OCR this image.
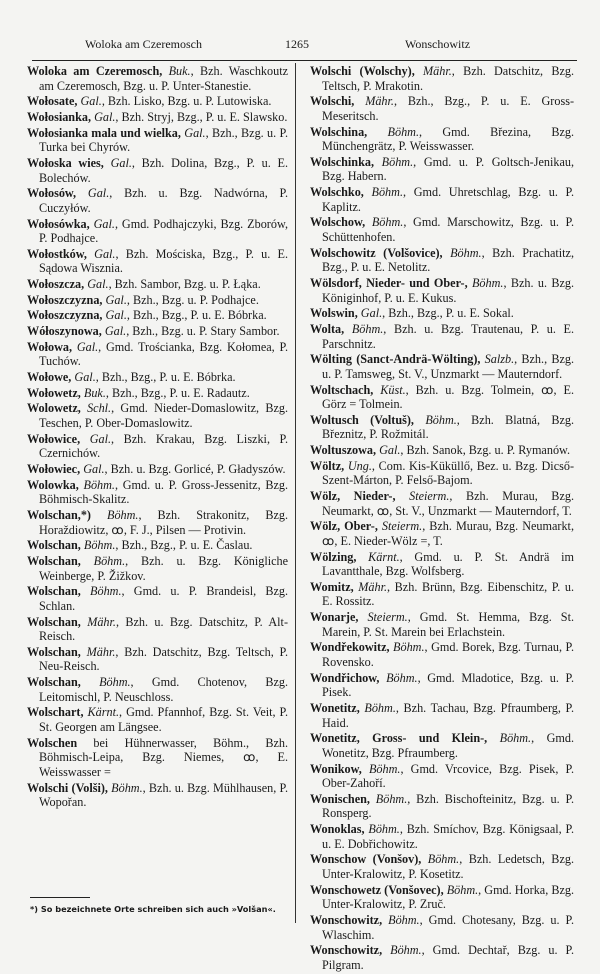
Woloka am Czeremosch	1265	Wonschowitz
Woloka am Czeremosch, Buk., Bzh. Waschkoutz am Czeremosch, Bzg. u. P. Unter-Stanestie.
Wołosate, Gal., Bzh. Lisko, Bzg. u. P. Lutowiska.
Wołosianka, Gal., Bzh. Stryj, Bzg., P. u. E. Slawsko.
Wołosianka mala und wielka, Gal., Bzh., Bzg. u. P. Turka bei Chyrów.
Wołoska wies, Gal., Bzh. Dolina, Bzg., P. u. E. Bolechów.
Wołosów, Gal., Bzh. u. Bzg. Nadwórna, P. Cuczyłów.
Wołosówka, Gal., Gmd. Podhajczyki, Bzg. Zborów, P. Podhajce.
Wołostków, Gal., Bzh. Mościska, Bzg., P. u. E. Sądowa Wisznia.
Wołoszcza, Gal., Bzh. Sambor, Bzg. u. P. Łąka.
Wołoszczyzna, Gal., Bzh., Bzg. u. P. Podhajce.
Wołoszczyzna, Gal., Bzh., Bzg., P. u. E. Bóbrka.
Wółoszynowa, Gal., Bzh., Bzg. u. P. Stary Sambor.
Wołowa, Gal., Gmd. Trościanka, Bzg. Kołomea, P. Tuchów.
Wołowe, Gal., Bzh., Bzg., P. u. E. Bóbrka.
Wołowetz, Buk., Bzh., Bzg., P. u. E. Radautz.
Wolowetz, Schl., Gmd. Nieder-Domaslowitz, Bzg. Teschen, P. Ober-Domaslowitz.
Wołowice, Gal., Bzh. Krakau, Bzg. Liszki, P. Czernichów.
Wołowiec, Gal., Bzh. u. Bzg. Gorlicé, P. Gładyszów.
Wolowka, Böhm., Gmd. u. P. Gross-Jessenitz, Bzg. Böhmisch-Skalitz.
Wolschan,*) Böhm., Bzh. Strakonitz, Bzg. Horaždiowitz, ꝏ, F. J., Pilsen — Protivin.
Wolschan, Böhm., Bzh., Bzg., P. u. E. Časlau.
Wolschan, Böhm., Bzh. u. Bzg. Königliche Weinberge, P. Žižkov.
Wolschan, Böhm., Gmd. u. P. Brandeisl, Bzg. Schlan.
Wolschan, Mähr., Bzh. u. Bzg. Datschitz, P. Alt-Reisch.
Wolschan, Mähr., Bzh. Datschitz, Bzg. Teltsch, P. Neu-Reisch.
Wolschan, Böhm., Gmd. Chotenov, Bzg. Leitomischl, P. Neuschloss.
Wolschart, Kärnt., Gmd. Pfannhof, Bzg. St. Veit, P. St. Georgen am Längsee.
Wolschen bei Hühnerwasser, Böhm., Bzh. Böhmisch-Leipa, Bzg. Niemes, ꝏ, E. Weisswasser =
Wolschi (Volši), Böhm., Bzh. u. Bzg. Mühlhausen, P. Wopořan.
Wolschi (Wolschy), Mähr., Bzh. Datschitz, Bzg. Teltsch, P. Mrakotin.
Wolschi, Mähr., Bzh., Bzg., P. u. E. Gross-Meseritsch.
Wolschina, Böhm., Gmd. Březina, Bzg. Münchengrätz, P. Weisswasser.
Wolschinka, Böhm., Gmd. u. P. Goltsch-Jenikau, Bzg. Habern.
Wolschko, Böhm., Gmd. Uhretschlag, Bzg. u. P. Kaplitz.
Wolschow, Böhm., Gmd. Marschowitz, Bzg. u. P. Schüttenhofen.
Wolschowitz (Volšovice), Böhm., Bzh. Prachatitz, Bzg., P. u. E. Netolitz.
Wölsdorf, Nieder- und Ober-, Böhm., Bzh. u. Bzg. Königinhof, P. u. E. Kukus.
Wolswin, Gal., Bzh., Bzg., P. u. E. Sokal.
Wolta, Böhm., Bzh. u. Bzg. Trautenau, P. u. E. Parschnitz.
Wölting (Sanct-Andrä-Wölting), Salzb., Bzh., Bzg. u. P. Tamsweg, St. V., Unzmarkt — Mauterndorf.
Woltschach, Küst., Bzh. u. Bzg. Tolmein, ꝏ, E. Görz = Tolmein.
Woltusch (Voltuš), Böhm., Bzh. Blatná, Bzg. Březnitz, P. Rožmitál.
Woltuszowa, Gal., Bzh. Sanok, Bzg. u. P. Rymanów.
Wöltz, Ung., Com. Kis-Küküllő, Bez. u. Bzg. Dicső-Szent-Márton, P. Felső-Bajom.
Wölz, Nieder-, Steierm., Bzh. Murau, Bzg. Neumarkt, ꝏ, St. V., Unzmarkt — Mauterndorf, T.
Wölz, Ober-, Steierm., Bzh. Murau, Bzg. Neumarkt, ꝏ, E. Nieder-Wölz =, T.
Wölzing, Kärnt., Gmd. u. P. St. Andrä im Lavantthale, Bzg. Wolfsberg.
Womitz, Mähr., Bzh. Brünn, Bzg. Eibenschitz, P. u. E. Rossitz.
Wonarje, Steierm., Gmd. St. Hemma, Bzg. St. Marein, P. St. Marein bei Erlachstein.
Wondřekowitz, Böhm., Gmd. Borek, Bzg. Turnau, P. Rovensko.
Wondřichow, Böhm., Gmd. Mladotice, Bzg. u. P. Pisek.
Wonetitz, Böhm., Bzh. Tachau, Bzg. Pfraumberg, P. Haid.
Wonetitz, Gross- und Klein-, Böhm., Gmd. Wonetitz, Bzg. Pfraumberg.
Wonikow, Böhm., Gmd. Vrcovice, Bzg. Pisek, P. Ober-Zahoří.
Wonischen, Böhm., Bzh. Bischofteinitz, Bzg. u. P. Ronsperg.
Wonoklas, Böhm., Bzh. Smíchov, Bzg. Königsaal, P. u. E. Dobřichowitz.
Wonschow (Vonšov), Böhm., Bzh. Ledetsch, Bzg. Unter-Kralowitz, P. Kosetitz.
Wonschowetz (Vonšovec), Böhm., Gmd. Horka, Bzg. Unter-Kralowitz, P. Zruč.
Wonschowitz, Böhm., Gmd. Chotesany, Bzg. u. P. Wlaschim.
Wonschowitz, Böhm., Gmd. Dechtař, Bzg. u. P. Pilgram.
*) So bezeichnete Orte schreiben sich auch »Volšan«.
